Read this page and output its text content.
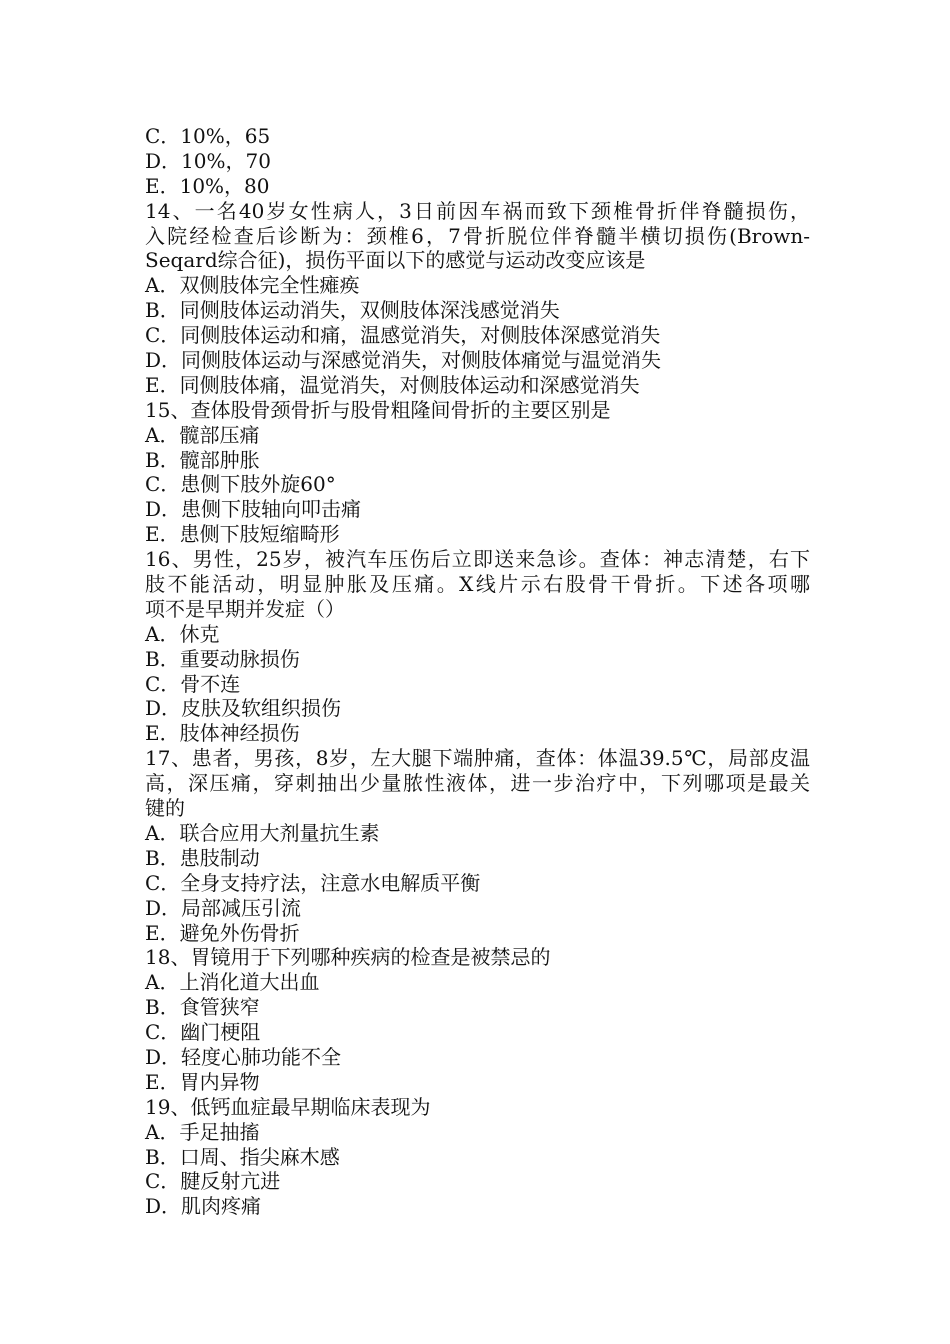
C．10%，65
D．10%，70
E．10%，80
14、一名40岁女性病人，3日前因车祸而致下颈椎骨折伴脊髓损伤，
入院经检查后诊断为：颈椎6，7骨折脱位伴脊髓半横切损伤(Brown-
Seqard综合征)，损伤平面以下的感觉与运动改变应该是
A．双侧肢体完全性瘫痪
B．同侧肢体运动消失，双侧肢体深浅感觉消失
C．同侧肢体运动和痛，温感觉消失，对侧肢体深感觉消失
D．同侧肢体运动与深感觉消失，对侧肢体痛觉与温觉消失
E．同侧肢体痛，温觉消失，对侧肢体运动和深感觉消失
15、查体股骨颈骨折与股骨粗隆间骨折的主要区别是
A．髋部压痛
B．髋部肿胀
C．患侧下肢外旋60°
D．患侧下肢轴向叩击痛
E．患侧下肢短缩畸形
16、男性，25岁，被汽车压伤后立即送来急诊。查体：神志清楚，右下
肢不能活动，明显肿胀及压痛。X线片示右股骨干骨折。下述各项哪
项不是早期并发症（）
A．休克
B．重要动脉损伤
C．骨不连
D．皮肤及软组织损伤
E．肢体神经损伤
17、患者，男孩，8岁，左大腿下端肿痛，查体：体温39.5℃，局部皮温
高，深压痛，穿刺抽出少量脓性液体，进一步治疗中，下列哪项是最关
键的
A．联合应用大剂量抗生素
B．患肢制动
C．全身支持疗法，注意水电解质平衡
D．局部减压引流
E．避免外伤骨折
18、胃镜用于下列哪种疾病的检查是被禁忌的
A．上消化道大出血
B．食管狭窄
C．幽门梗阻
D．轻度心肺功能不全
E．胃内异物
19、低钙血症最早期临床表现为
A．手足抽搐
B．口周、指尖麻木感
C．腱反射亢进
D．肌肉疼痛
